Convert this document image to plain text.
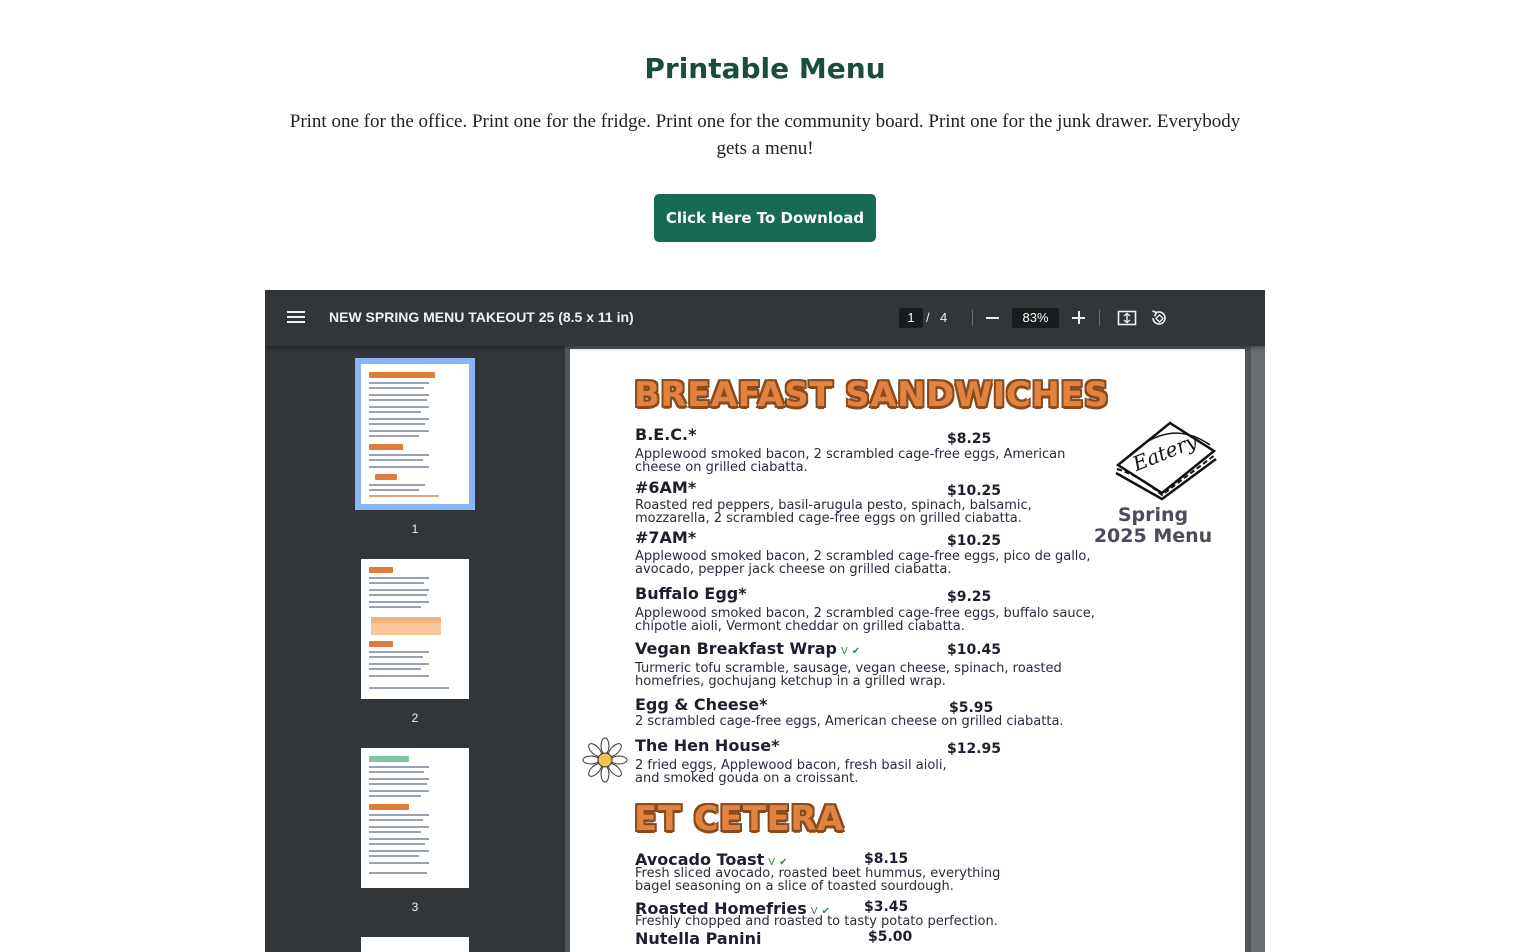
Printable Menu
Print one for the office. Print one for the fridge. Print one for the community board. Print one for the junk drawer. Everybody gets a menu!
Click Here To Download
NEW SPRING MENU TAKEOUT 25 (8.5 x 11 in)	1 / 4	83%
1
2
3
BREAFAST SANDWICHES
B.E.C.*	$8.25
Applewood smoked bacon, 2 scrambled cage-free eggs, American cheese on grilled ciabatta.
#6AM*	$10.25
Roasted red peppers, basil-arugula pesto, spinach, balsamic, mozzarella, 2 scrambled cage-free eggs on grilled ciabatta.
#7AM*	$10.25
Applewood smoked bacon, 2 scrambled cage-free eggs, pico de gallo, avocado, pepper jack cheese on grilled ciabatta.
Buffalo Egg*	$9.25
Applewood smoked bacon, 2 scrambled cage-free eggs, buffalo sauce, chipotle aioli, Vermont cheddar on grilled ciabatta.
Vegan Breakfast Wrap V ✔	$10.45
Turmeric tofu scramble, sausage, vegan cheese, spinach, roasted homefries, gochujang ketchup in a grilled wrap.
Egg & Cheese*	$5.95
2 scrambled cage-free eggs, American cheese on grilled ciabatta.
The Hen House*	$12.95
2 fried eggs, Applewood bacon, fresh basil aioli, and smoked gouda on a croissant.
ET CETERA
Avocado Toast V ✔	$8.15
Fresh sliced avocado, roasted beet hummus, everything bagel seasoning on a slice of toasted sourdough.
Roasted Homefries V ✔ $3.45
Freshly chopped and roasted to tasty potato perfection.
Nutella Panini	$5.00
Eatery
Spring 2025 Menu
